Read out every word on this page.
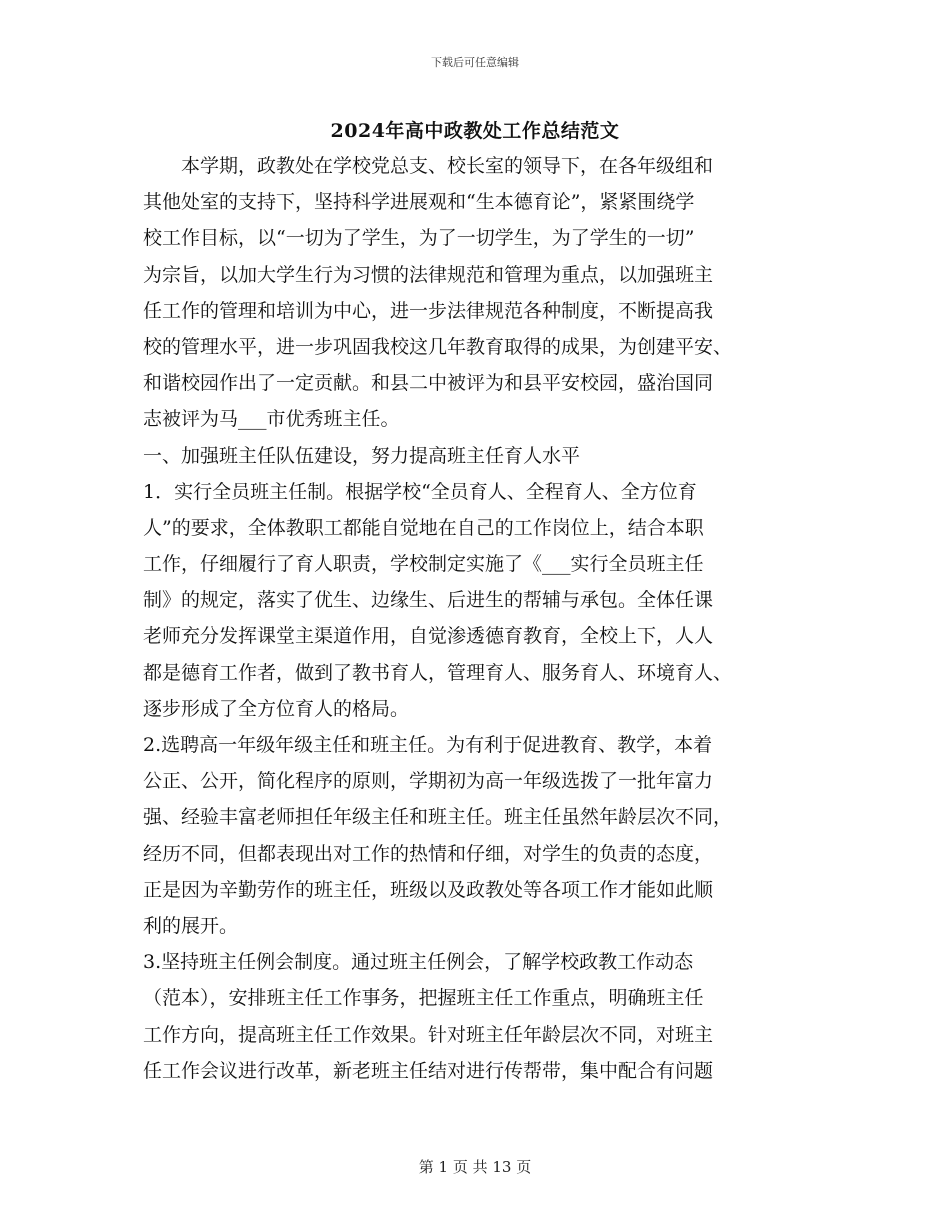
下载后可任意编辑
2024年高中政教处工作总结范文
　　本学期，政教处在学校党总支、校长室的领导下，在各年级组和
其他处室的支持下，坚持科学进展观和“生本德育论”，紧紧围绕学
校工作目标，以“一切为了学生，为了一切学生，为了学生的一切”
为宗旨，以加大学生行为习惯的法律规范和管理为重点，以加强班主
任工作的管理和培训为中心，进一步法律规范各种制度，不断提高我
校的管理水平，进一步巩固我校这几年教育取得的成果，为创建平安、
和谐校园作出了一定贡献。和县二中被评为和县平安校园，盛治国同
志被评为马___市优秀班主任。
一、加强班主任队伍建设，努力提高班主任育人水平
1．实行全员班主任制。根据学校“全员育人、全程育人、全方位育
人”的要求，全体教职工都能自觉地在自己的工作岗位上，结合本职
工作，仔细履行了育人职责，学校制定实施了《___实行全员班主任
制》的规定，落实了优生、边缘生、后进生的帮辅与承包。全体任课
老师充分发挥课堂主渠道作用，自觉渗透德育教育，全校上下，人人
都是德育工作者，做到了教书育人，管理育人、服务育人、环境育人、
逐步形成了全方位育人的格局。
2.选聘高一年级年级主任和班主任。为有利于促进教育、教学，本着
公正、公开，简化程序的原则，学期初为高一年级选拨了一批年富力
强、经验丰富老师担任年级主任和班主任。班主任虽然年龄层次不同，
经历不同，但都表现出对工作的热情和仔细，对学生的负责的态度，
正是因为辛勤劳作的班主任，班级以及政教处等各项工作才能如此顺
利的展开。
3.坚持班主任例会制度。通过班主任例会，了解学校政教工作动态
（范本），安排班主任工作事务，把握班主任工作重点，明确班主任
工作方向，提高班主任工作效果。针对班主任年龄层次不同，对班主
任工作会议进行改革，新老班主任结对进行传帮带，集中配合有问题
第 1 页 共 13 页
